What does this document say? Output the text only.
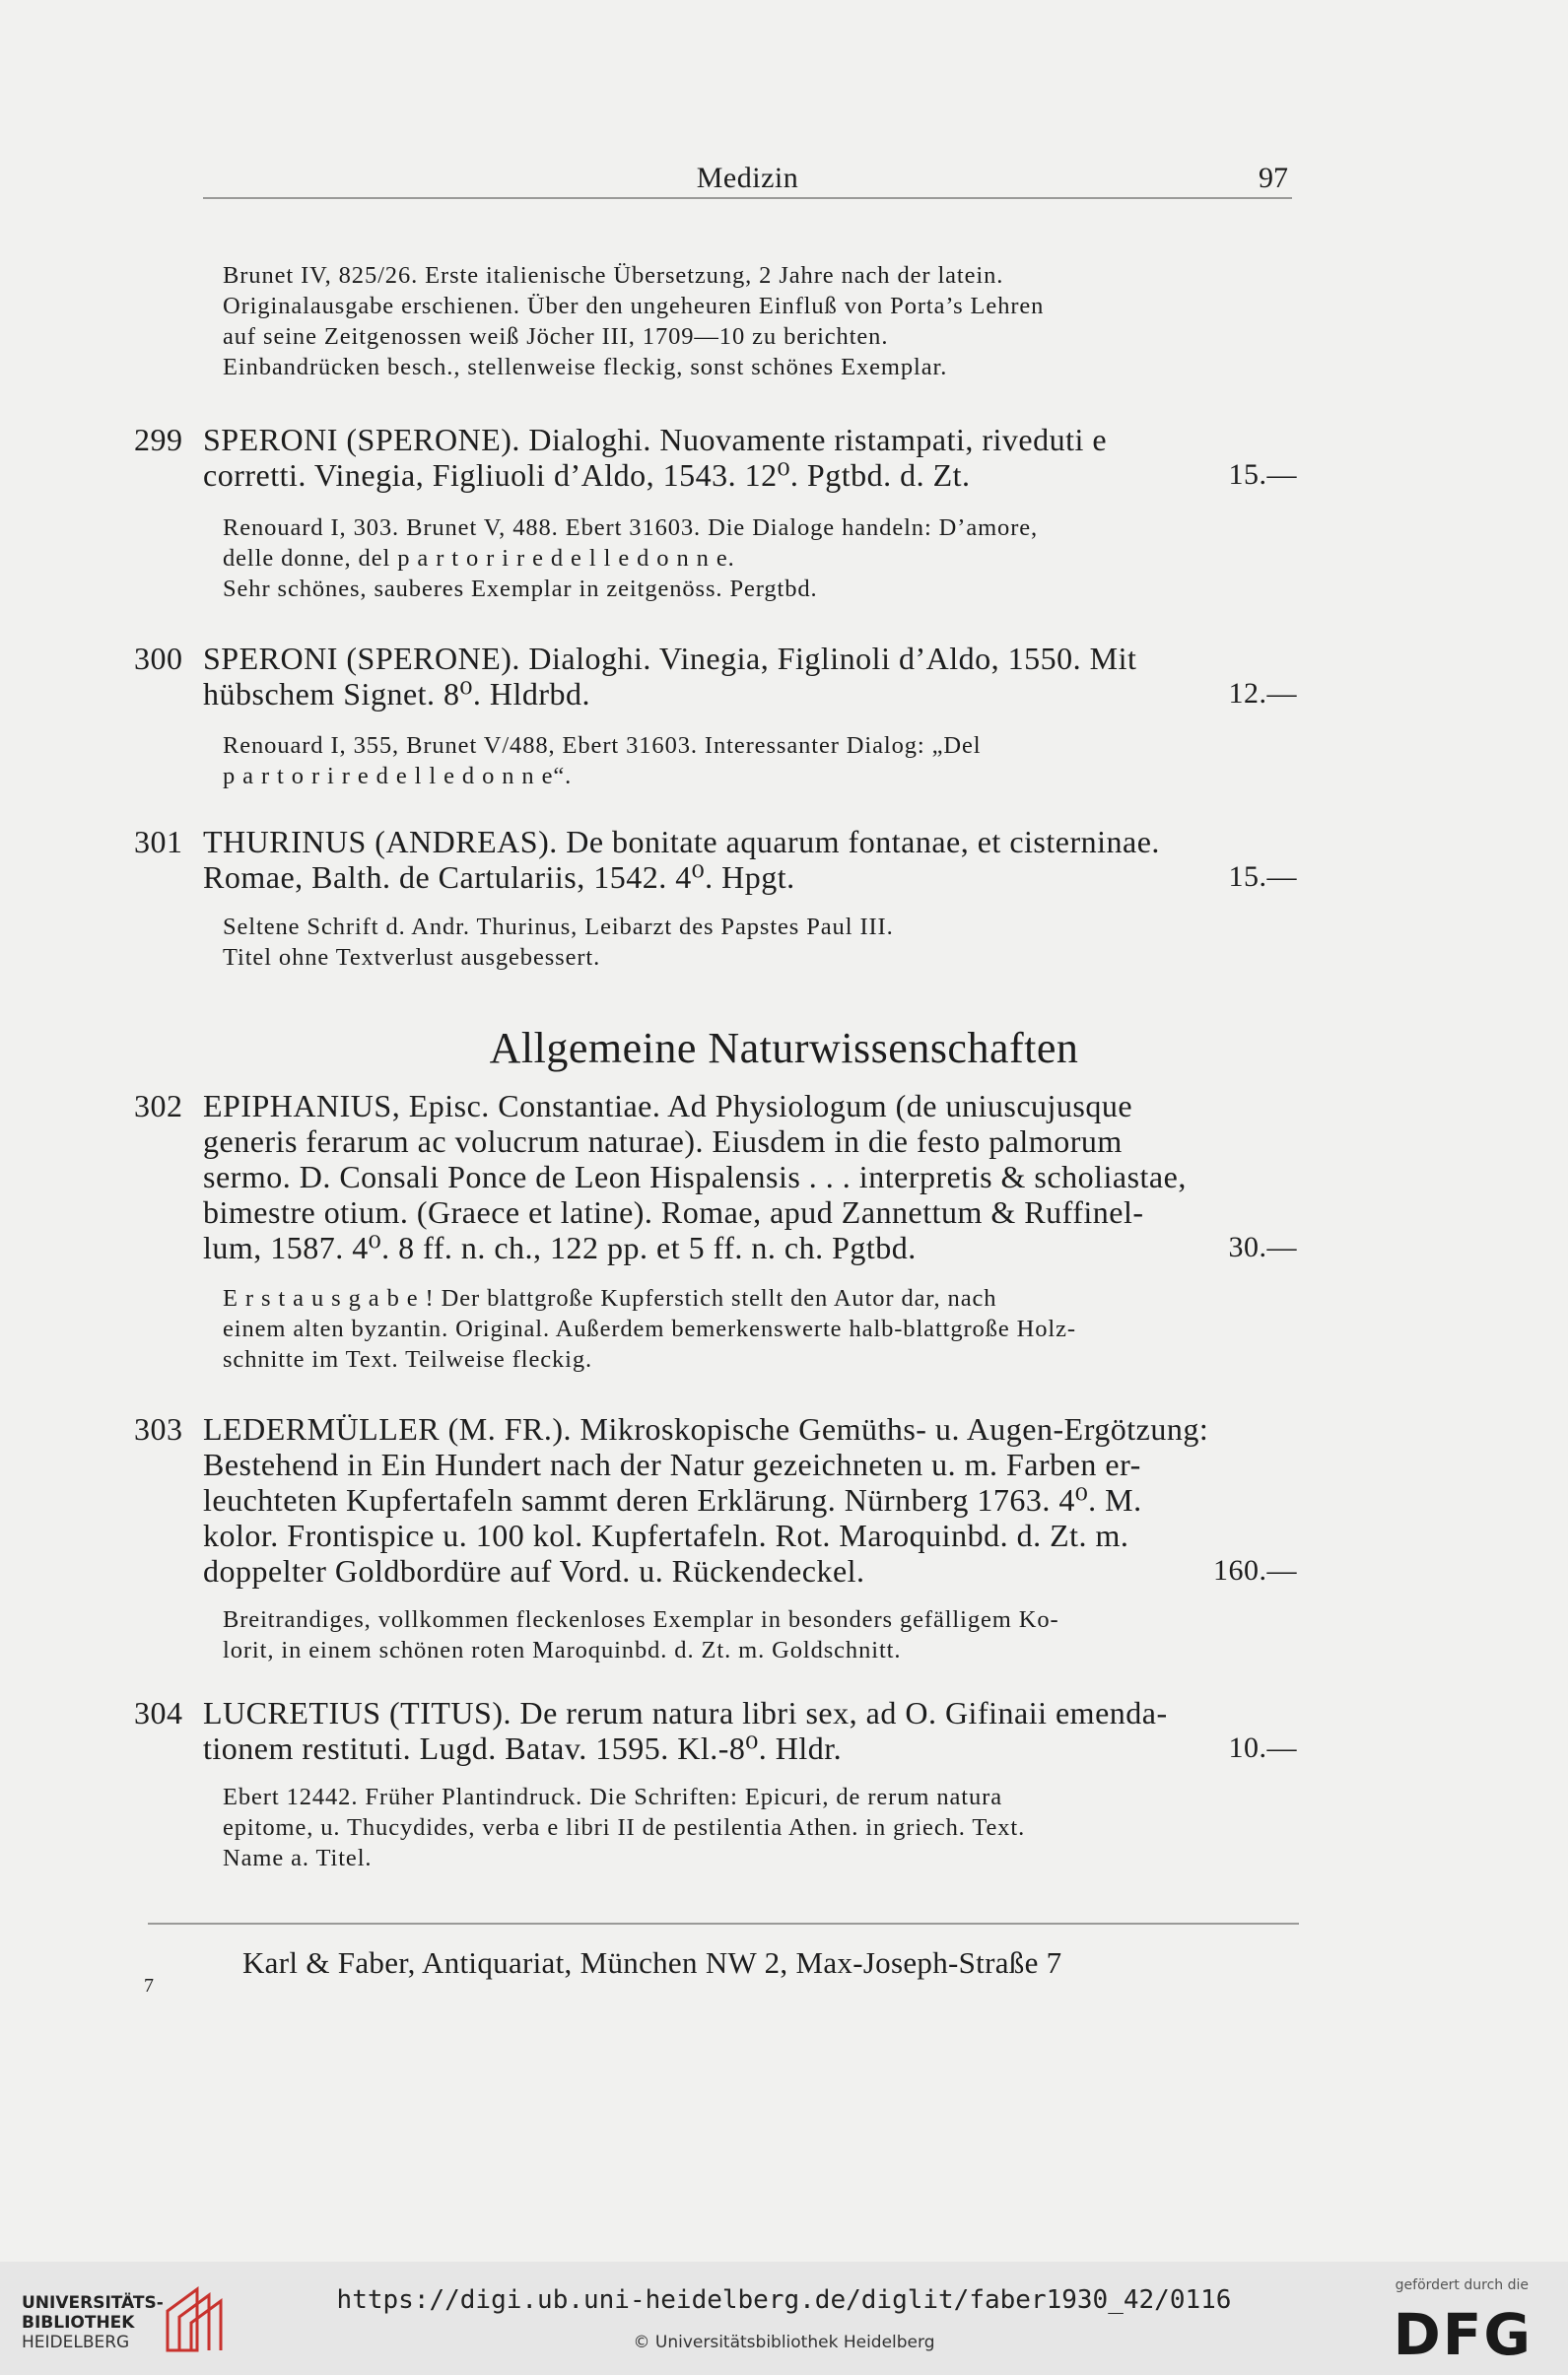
Medizin	97
Brunet IV, 825/26. Erste italienische Übersetzung, 2 Jahre nach der latein.
Originalausgabe erschienen. Über den ungeheuren Einfluß von Porta’s Lehren
auf seine Zeitgenossen weiß Jöcher III, 1709—10 zu berichten.
Einbandrücken besch., stellenweise fleckig, sonst schönes Exemplar.
299 SPERONI (SPERONE). Dialoghi. Nuovamente ristampati, riveduti e
corretti. Vinegia, Figliuoli d’Aldo, 1543. 12⁰. Pgtbd. d. Zt.	15.—
Renouard I, 303. Brunet V, 488. Ebert 31603. Die Dialoge handeln: D’amore,
delle donne, del p a r t o r i r e d e l l e d o n n e.
Sehr schönes, sauberes Exemplar in zeitgenöss. Pergtbd.
300 SPERONI (SPERONE). Dialoghi. Vinegia, Figlinoli d’Aldo, 1550. Mit
hübschem Signet. 8⁰. Hldrbd.	12.—
Renouard I, 355, Brunet V/488, Ebert 31603. Interessanter Dialog: „Del
p a r t o r i r e d e l l e d o n n e“.
301 THURINUS (ANDREAS). De bonitate aquarum fontanae, et cisterninae.
Romae, Balth. de Cartulariis, 1542. 4⁰. Hpgt.	15.—
Seltene Schrift d. Andr. Thurinus, Leibarzt des Papstes Paul III.
Titel ohne Textverlust ausgebessert.
Allgemeine Naturwissenschaften
302 EPIPHANIUS, Episc. Constantiae. Ad Physiologum (de uniuscujusque
generis ferarum ac volucrum naturae). Eiusdem in die festo palmorum
sermo. D. Consali Ponce de Leon Hispalensis . . . interpretis & scholiastae,
bimestre otium. (Graece et latine). Romae, apud Zannettum & Ruffinel-
lum, 1587. 4⁰. 8 ff. n. ch., 122 pp. et 5 ff. n. ch. Pgtbd.	30.—
E r s t a u s g a b e ! Der blattgroße Kupferstich stellt den Autor dar, nach
einem alten byzantin. Original. Außerdem bemerkenswerte halb-blattgroße Holz-
schnitte im Text. Teilweise fleckig.
303 LEDERMÜLLER (M. FR.). Mikroskopische Gemüths- u. Augen-Ergötzung:
Bestehend in Ein Hundert nach der Natur gezeichneten u. m. Farben er-
leuchteten Kupfertafeln sammt deren Erklärung. Nürnberg 1763. 4⁰. M.
kolor. Frontispice u. 100 kol. Kupfertafeln. Rot. Maroquinbd. d. Zt. m.
doppelter Goldbordüre auf Vord. u. Rückendeckel.	160.—
Breitrandiges, vollkommen fleckenloses Exemplar in besonders gefälligem Ko-
lorit, in einem schönen roten Maroquinbd. d. Zt. m. Goldschnitt.
304 LUCRETIUS (TITUS). De rerum natura libri sex, ad O. Gifinaii emenda-
tionem restituti. Lugd. Batav. 1595. Kl.-8⁰. Hldr.	10.—
Ebert 12442. Früher Plantindruck. Die Schriften: Epicuri, de rerum natura
epitome, u. Thucydides, verba e libri II de pestilentia Athen. in griech. Text.
Name a. Titel.
Karl & Faber, Antiquariat, München NW 2, Max-Joseph-Straße 7
7
UNIVERSITÄTS-
BIBLIOTHEK
HEIDELBERG
https://digi.ub.uni-heidelberg.de/diglit/faber1930_42/0116
© Universitätsbibliothek Heidelberg
gefördert durch die
DFG
